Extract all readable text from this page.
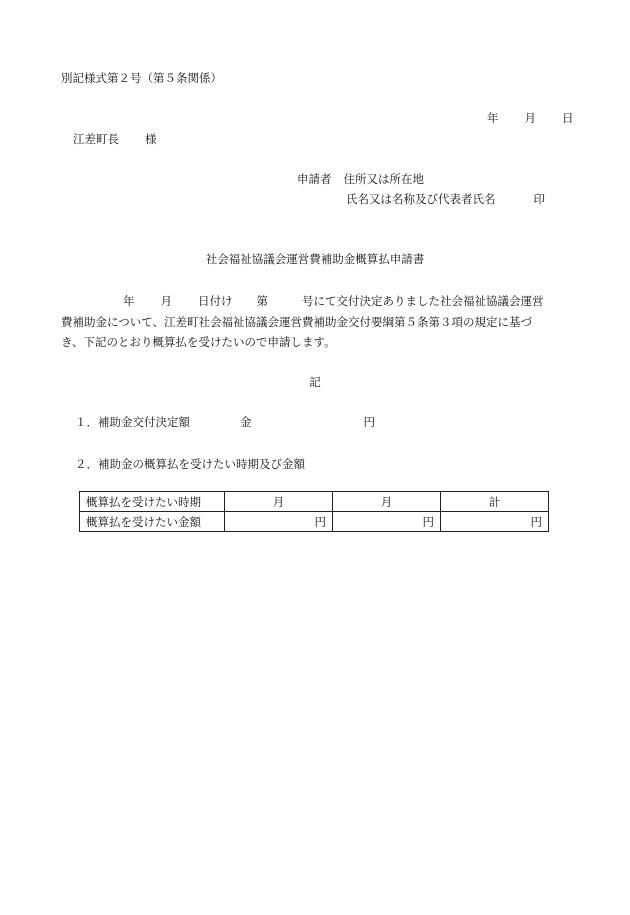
別記様式第２号（第５条関係）
年 月 日
江差町長 様
申請者 住所又は所在地
氏名又は名称及び代表者氏名	印
社会福祉協議会運営費補助金概算払申請書
年 月 日付け 第	号にて交付決定ありました社会福祉協議会運営
費補助金について、江差町社会福祉協議会運営費補助金交付要綱第５条第３項の規定に基づ
き、下記のとおり概算払を受けたいので申請します。
記
１．補助金交付決定額	金	円
２．補助金の概算払を受けたい時期及び金額
概算払を受けたい時期	月	月	計
概算払を受けたい金額	円	円	円
